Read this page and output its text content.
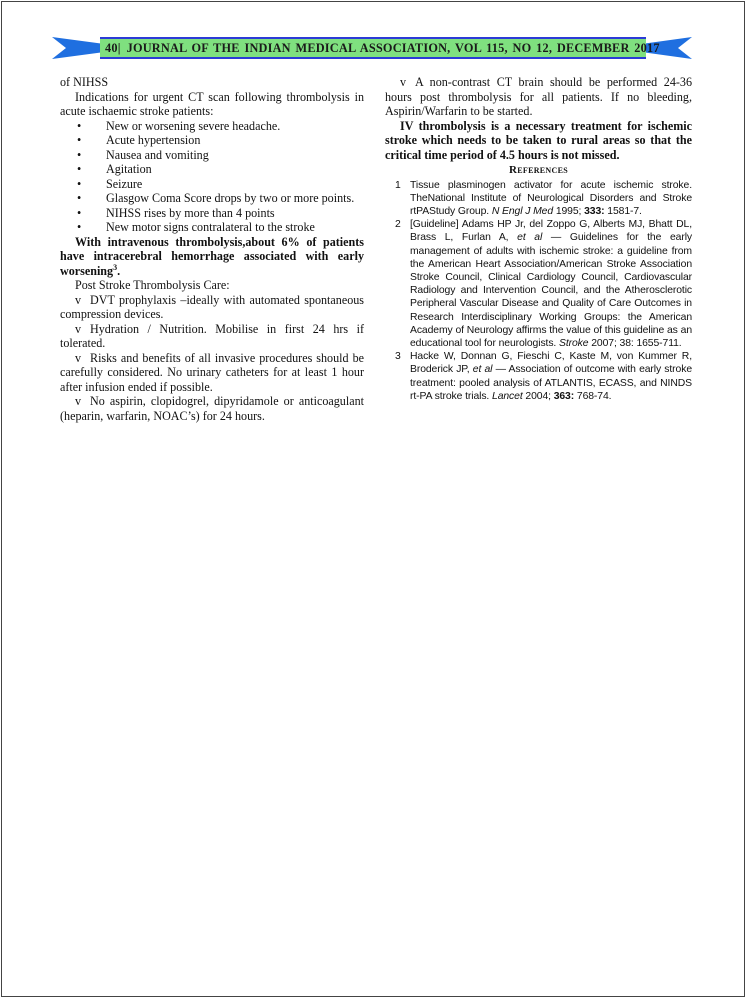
40| JOURNAL OF THE INDIAN MEDICAL ASSOCIATION, VOL 115, NO 12, DECEMBER 2017

of NIHSS

Indications for urgent CT scan following thrombolysis in acute ischaemic stroke patients:

• New or worsening severe headache.
• Acute hypertension
• Nausea and vomiting
• Agitation
• Seizure
• Glasgow Coma Score drops by two or more points.
• NIHSS rises by more than 4 points
• New motor signs contralateral to the stroke

With intravenous thrombolysis,about 6% of patients have intracerebral hemorrhage associated with early worsening$^3$.

Post Stroke Thrombolysis Care:

v DVT prophylaxis –ideally with automated spontaneous compression devices.

v Hydration / Nutrition. Mobilise in first 24 hrs if tolerated.

v Risks and benefits of all invasive procedures should be carefully considered. No urinary catheters for at least 1 hour after infusion ended if possible.

v No aspirin, clopidogrel, dipyridamole or anticoagulant (heparin, warfarin, NOAC’s) for 24 hours.

v A non-contrast CT brain should be performed 24-36 hours post thrombolysis for all patients. If no bleeding, Aspirin/Warfarin to be started.

IV thrombolysis is a necessary treatment for ischemic stroke which needs to be taken to rural areas so that the critical time period of 4.5 hours is not missed.

References
1 Tissue plasminogen activator for acute ischemic stroke. TheNational Institute of Neurological Disorders and Stroke rtPAStudy Group. N Engl J Med 1995; 333: 1581-7.
2 [Guideline] Adams HP Jr, del Zoppo G, Alberts MJ, Bhatt DL, Brass L, Furlan A, et al — Guidelines for the early management of adults with ischemic stroke: a guideline from the American Heart Association/American Stroke Association Stroke Council, Clinical Cardiology Council, Cardiovascular Radiology and Intervention Council, and the Atherosclerotic Peripheral Vascular Disease and Quality of Care Outcomes in Research Interdisciplinary Working Groups: the American Academy of Neurology affirms the value of this guideline as an educational tool for neurologists. Stroke 2007; 38: 1655-711.
3 Hacke W, Donnan G, Fieschi C, Kaste M, von Kummer R, Broderick JP, et al — Association of outcome with early stroke treatment: pooled analysis of ATLANTIS, ECASS, and NINDS rt-PA stroke trials. Lancet 2004; 363: 768-74.
